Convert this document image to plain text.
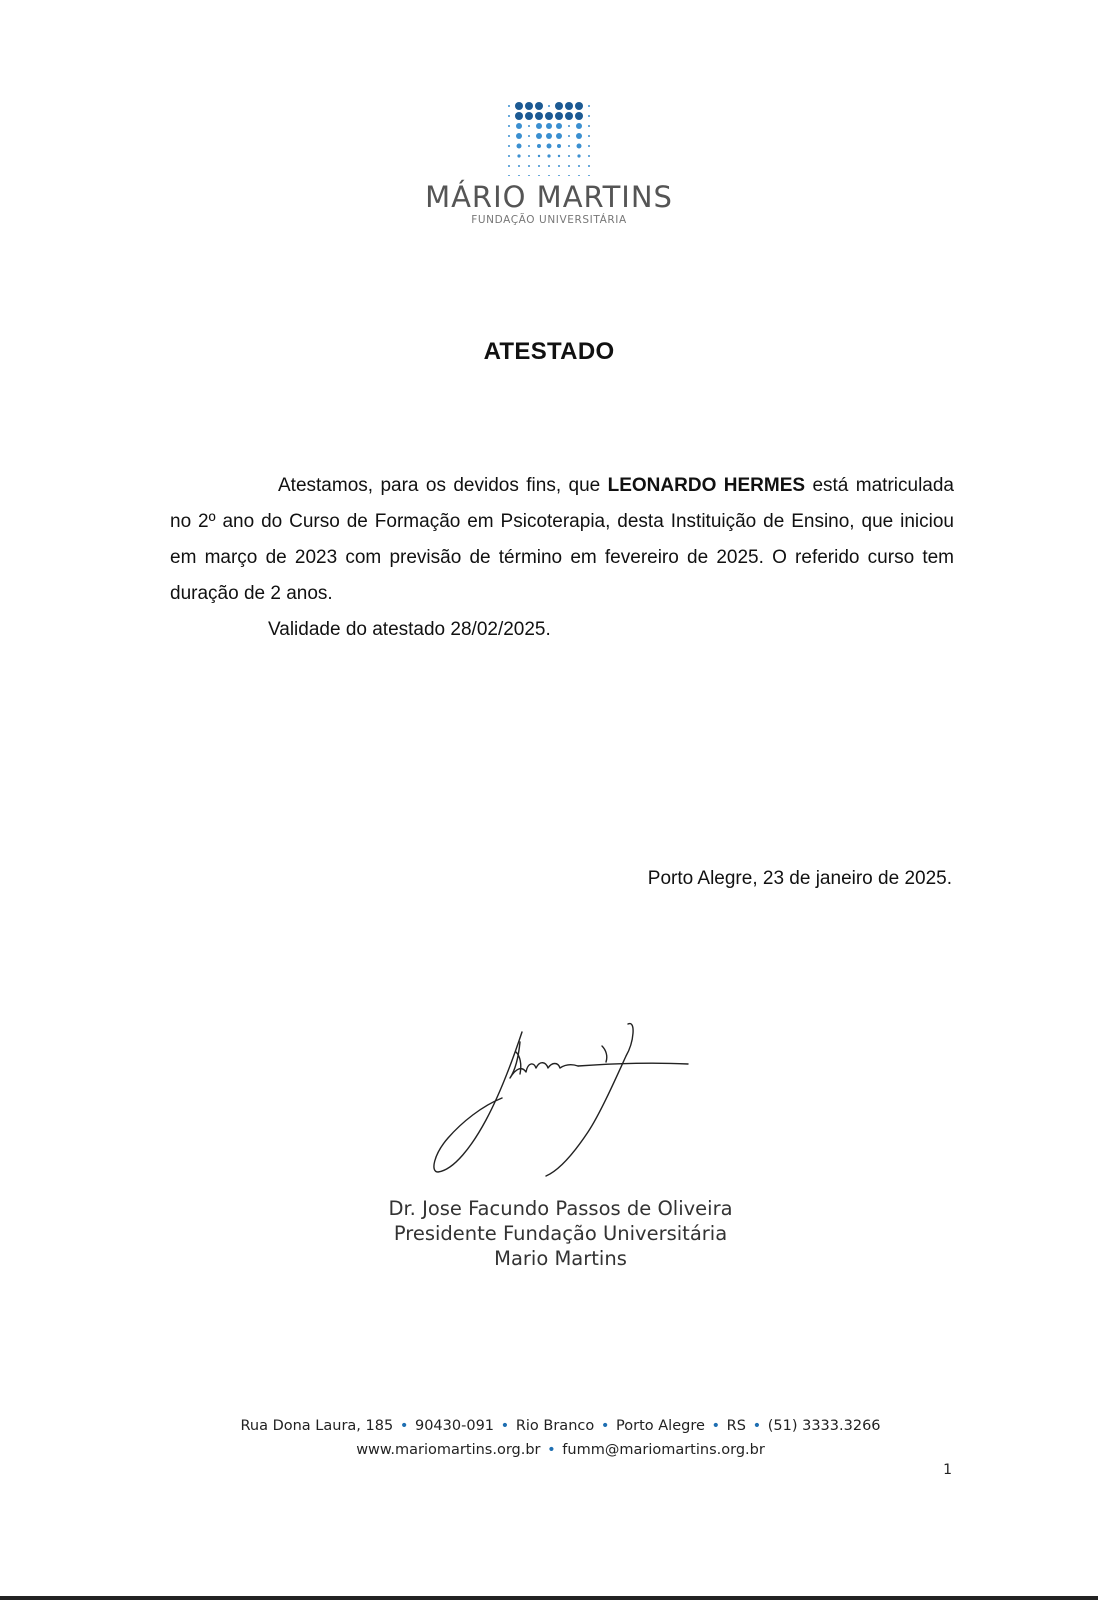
MÁRIO MARTINS
FUNDAÇÃO UNIVERSITÁRIA
ATESTADO

Atestamos, para os devidos fins, que LEONARDO HERMES está matriculada no 2º ano do Curso de Formação em Psicoterapia, desta Instituição de Ensino, que iniciou em março de 2023 com previsão de término em fevereiro de 2025. O referido curso tem duração de 2 anos.

Validade do atestado 28/02/2025.

Porto Alegre, 23 de janeiro de 2025.
Dr. Jose Facundo Passos de Oliveira
Presidente Fundação Universitária
Mario Martins
Rua Dona Laura, 185 • 90430-091 • Rio Branco • Porto Alegre • RS • (51) 3333.3266
www.mariomartins.org.br • fumm@mariomartins.org.br
1
